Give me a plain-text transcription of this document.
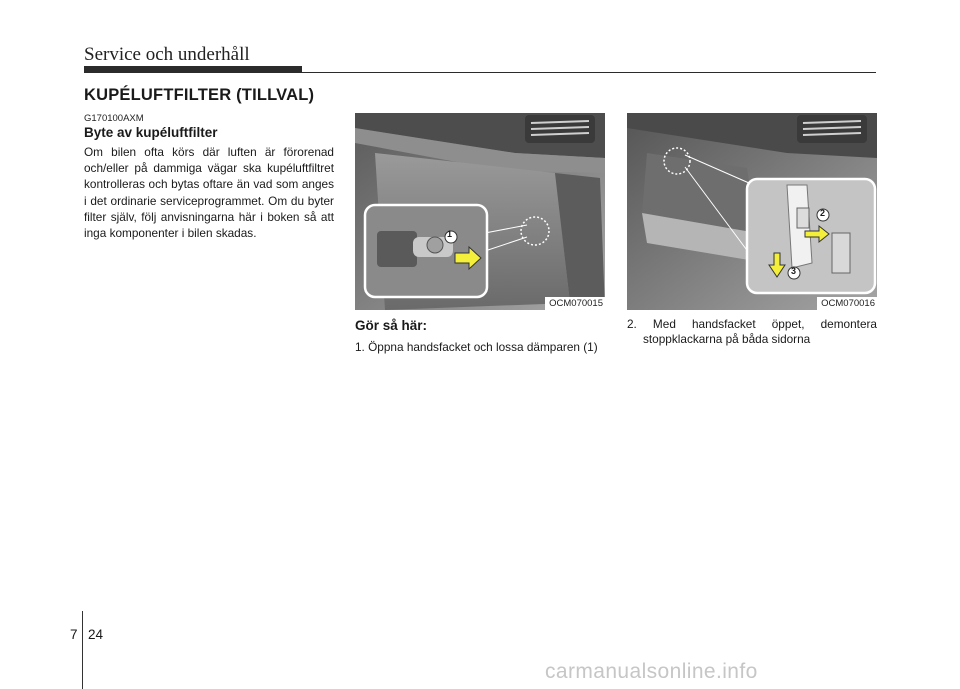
Service och underhåll
KUPÉLUFTFILTER (TILLVAL)
G170100AXM
Byte av kupéluftfilter

Om bilen ofta körs där luften är förorenad och/eller på dammiga vägar ska kupéluftfiltret kontrolleras och bytas oftare än vad som anges i det ordinarie serviceprogrammet. Om du byter filter själv, följ anvisningarna här i boken så att inga komponenter i bilen skadas.	1
OCM070015
2
3
OCM070016
Gör så här:

1. Öppna handsfacket och lossa dämparen (1)

2. Med handsfacket öppet, demontera stoppklackarna på båda sidorna

7 24
carmanualsonline.info
